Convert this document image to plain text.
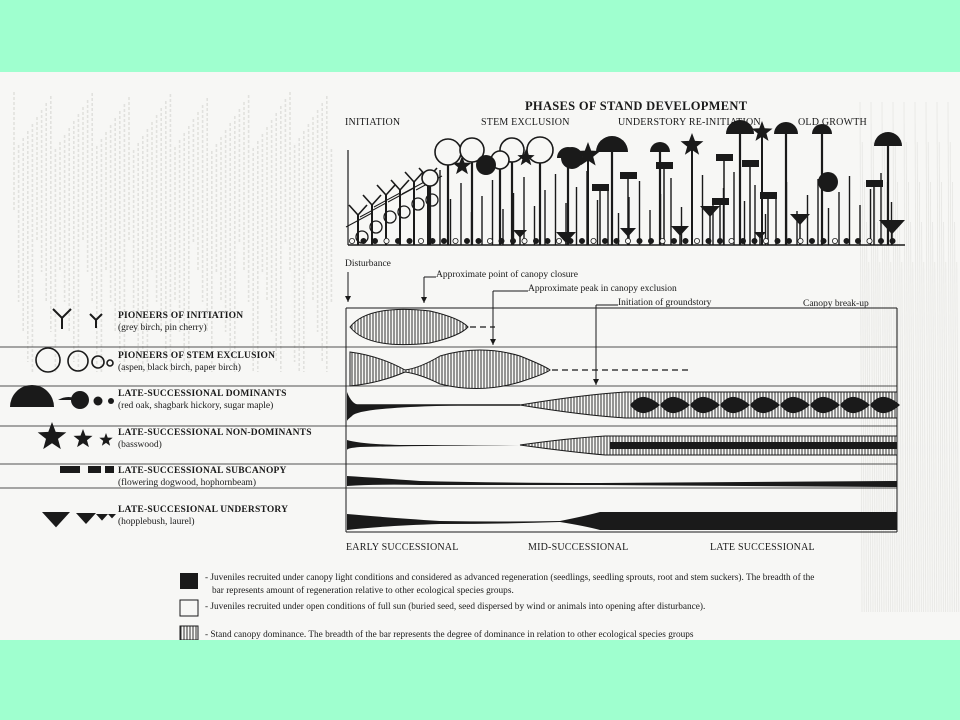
PHASES OF STAND DEVELOPMENT
INITIATION	STEM EXCLUSION	UNDERSTORY RE-INITIATION	OLD GROWTH
Disturbance
Approximate point of canopy closure
Approximate peak in canopy exclusion
Initiation of groundstory	Canopy break-up
EARLY SUCCESSIONAL	MID-SUCCESSIONAL	LATE SUCCESSIONAL
PIONEERS OF INITIATION
(grey birch, pin cherry)
PIONEERS OF STEM EXCLUSION
(aspen, black birch, paper birch)
LATE-SUCCESSIONAL DOMINANTS
(red oak, shagbark hickory, sugar maple)
LATE-SUCCESSIONAL NON-DOMINANTS
(basswood)
LATE-SUCCESSIONAL SUBCANOPY
(flowering dogwood, hophornbeam)
LATE-SUCCESIONAL UNDERSTORY
(hopplebush, laurel)
- Juveniles recruited under canopy light conditions and considered as advanced regeneration (seedlings, seedling sprouts, root and stem suckers). The breadth of the
bar represents amount of regeneration relative to other ecological species groups.
- Juveniles recruited under open conditions of full sun (buried seed, seed dispersed by wind or animals into opening after disturbance).
- Stand canopy dominance. The breadth of the bar represents the degree of dominance in relation to other ecological species groups
